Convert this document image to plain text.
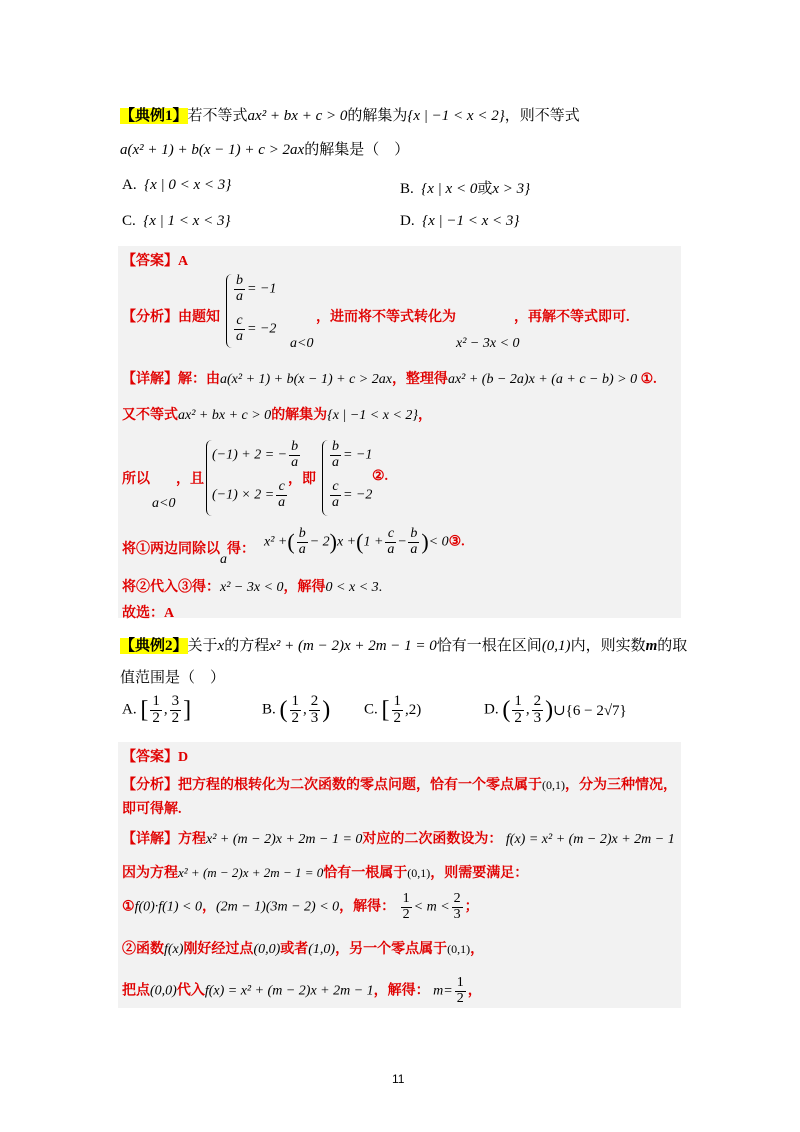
【典例1】若不等式ax² + bx + c > 0的解集为{x | −1 < x < 2}，则不等式
a(x² + 1) + b(x − 1) + c > 2ax的解集是（　）
A. {x | 0 < x < 3}	B. {x | x < 0或x > 3}
C. {x | 1 < x < 3}	D. {x | −1 < x < 3}
【答案】A
【分析】由题知
$\frac{b}{a} = -1$
$\frac{c}{a} = -2$
a<0
，进而将不等式转化为
x² − 3x < 0
，再解不等式即可.
【详解】解：由a(x² + 1) + b(x − 1) + c > 2ax，整理得ax² + (b − 2a)x + (a + c − b) > 0 ①.
又不等式ax² + bx + c > 0的解集为{x | −1 < x < 2}，
所以
a<0
，且
(−1) + 2 = − $\frac{b}{a}$
$(-1) \times 2 = \frac{c}{a}$
，即
$\frac{b}{a} = -1$
$\frac{c}{a} = -2$
②.
将①两边同除以a得：
x² +( $\frac{b}{a} - 2)x +(1 + \frac{c}{a} - \frac{b}{a}$ )< 0③.
将②代入③得：x² − 3x < 0，解得0 < x < 3.
故选：A
【典例2】关于x的方程x² + (m − 2)x + 2m − 1 = 0恰有一根在区间(0,1)内，则实数m的取
值范围是（　）
A. [ $\frac{1}{2}$ , $\frac{3}{2}$ ]	B. ( $\frac{1}{2}$ , $\frac{2}{3}$ ) C. [ $\frac{1}{2} ,2$)	D. ( $\frac{1}{2}$ , $\frac{2}{3}$ )∪{6 − 2√7}
【答案】D
【分析】把方程的根转化为二次函数的零点问题，恰有一个零点属于(0,1)，分为三种情况，
即可得解.
【详解】方程x² + (m − 2)x + 2m − 1 = 0对应的二次函数设为： f(x) = x² + (m − 2)x + 2m − 1
因为方程x² + (m − 2)x + 2m − 1 = 0恰有一根属于(0,1)，则需要满足：
①f(0)·f(1) < 0，(2m − 1)(3m − 2) < 0，解得： $\frac{1}{2} < m < \frac{2}{3}$ ；
②函数f(x)刚好经过点(0,0)或者(1,0)，另一个零点属于(0,1)，
把点(0,0)代入f(x) = x² + (m − 2)x + 2m − 1，解得： $m= \frac{1}{2}$ ，
11
